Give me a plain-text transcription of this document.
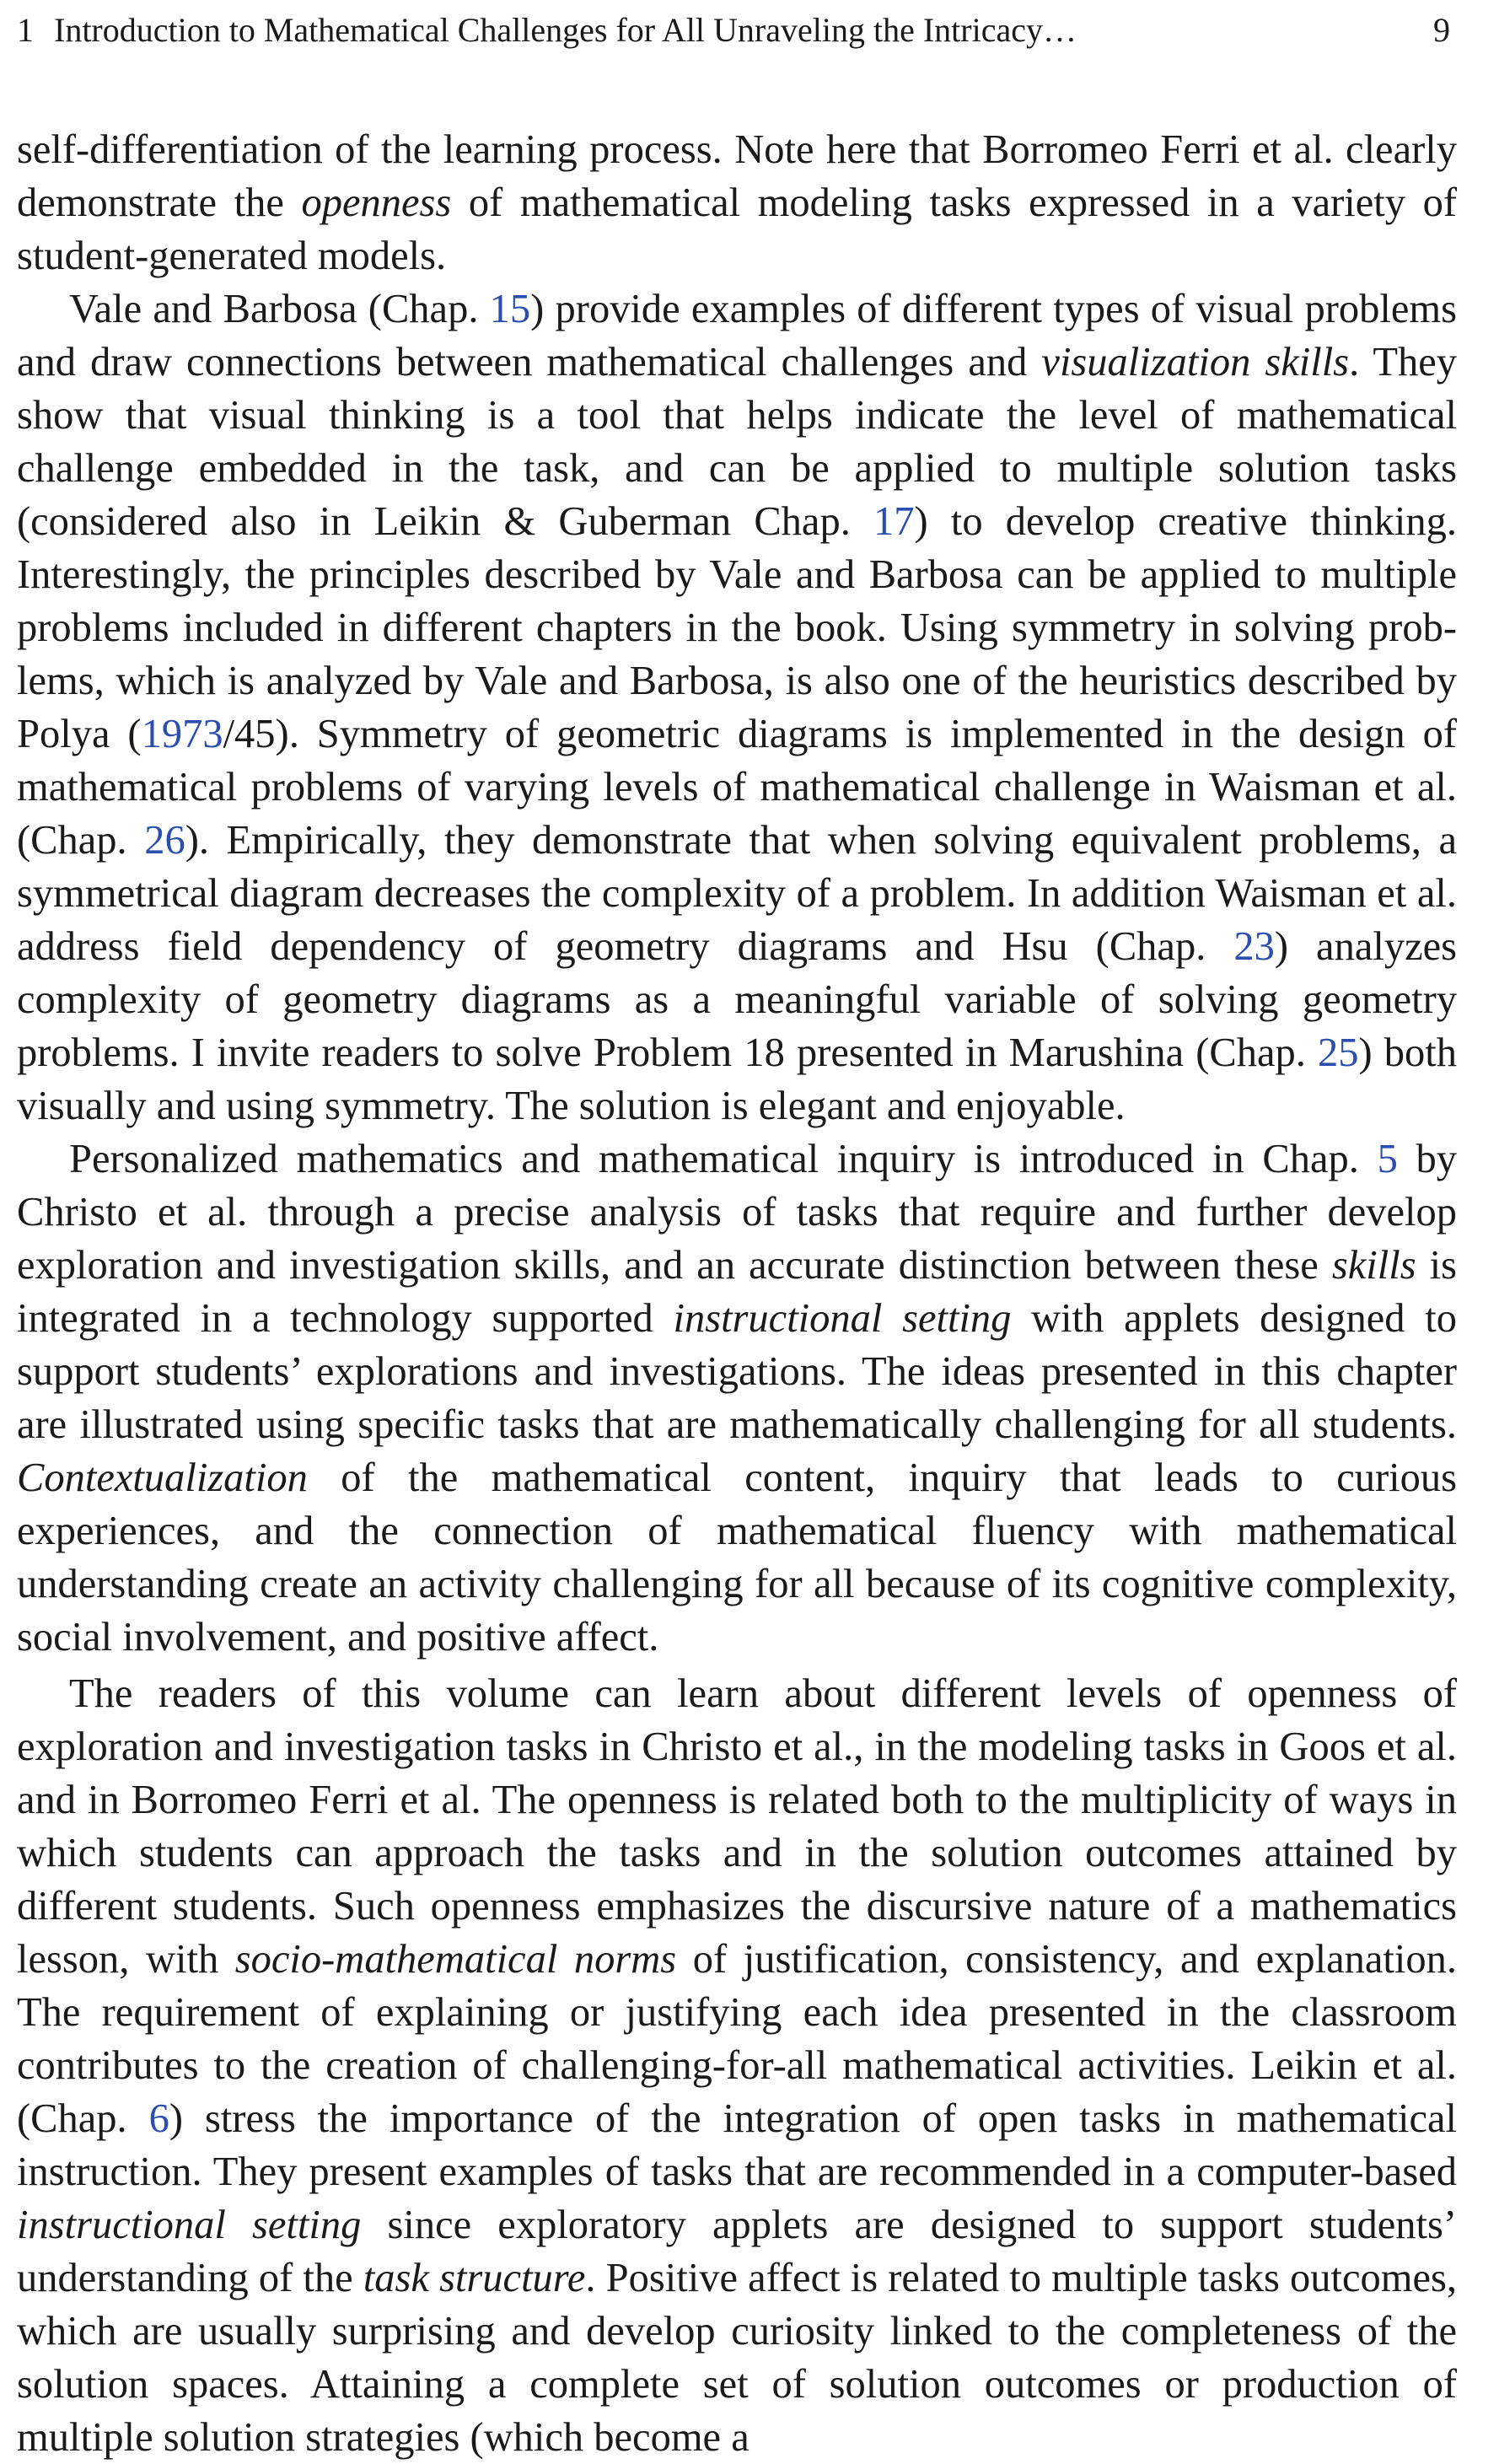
1 Introduction to Mathematical Challenges for All Unraveling the Intricacy…	9

self-differentiation of the learning process. Note here that Borromeo Ferri et al. clearly demonstrate the openness of mathematical modeling tasks expressed in a variety of student-generated models.

Vale and Barbosa (Chap. 15) provide examples of different types of visual problems and draw connections between mathematical challenges and visualization skills. They show that visual thinking is a tool that helps indicate the level of mathematical challenge embedded in the task, and can be applied to multiple solution tasks (considered also in Leikin & Guberman Chap. 17) to develop creative thinking. Interestingly, the principles described by Vale and Barbosa can be applied to multiple problems included in different chapters in the book. Using symmetry in solving problems, which is analyzed by Vale and Barbosa, is also one of the heuristics described by Polya (1973/45). Symmetry of geometric diagrams is implemented in the design of mathematical problems of varying levels of mathematical challenge in Waisman et al. (Chap. 26). Empirically, they demonstrate that when solving equivalent problems, a symmetrical diagram decreases the complexity of a problem. In addition Waisman et al. address field dependency of geometry diagrams and Hsu (Chap. 23) analyzes complexity of geometry diagrams as a meaningful variable of solving geometry problems. I invite readers to solve Problem 18 presented in Marushina (Chap. 25) both visually and using symmetry. The solution is elegant and enjoyable.

Personalized mathematics and mathematical inquiry is introduced in Chap. 5 by Christo et al. through a precise analysis of tasks that require and further develop exploration and investigation skills, and an accurate distinction between these skills is integrated in a technology supported instructional setting with applets designed to support students’ explorations and investigations. The ideas presented in this chapter are illustrated using specific tasks that are mathematically challenging for all students. Contextualization of the mathematical content, inquiry that leads to curious experiences, and the connection of mathematical fluency with mathematical understanding create an activity challenging for all because of its cognitive complexity, social involvement, and positive affect.

The readers of this volume can learn about different levels of openness of exploration and investigation tasks in Christo et al., in the modeling tasks in Goos et al. and in Borromeo Ferri et al. The openness is related both to the multiplicity of ways in which students can approach the tasks and in the solution outcomes attained by different students. Such openness emphasizes the discursive nature of a mathematics lesson, with socio-mathematical norms of justification, consistency, and explanation. The requirement of explaining or justifying each idea presented in the classroom contributes to the creation of challenging-for-all mathematical activities. Leikin et al. (Chap. 6) stress the importance of the integration of open tasks in mathematical instruction. They present examples of tasks that are recommended in a computer-based instructional setting since exploratory applets are designed to support students’ understanding of the task structure. Positive affect is related to multiple tasks outcomes, which are usually surprising and develop curiosity linked to the completeness of the solution spaces. Attaining a complete set of solution outcomes or production of multiple solution strategies (which become a
